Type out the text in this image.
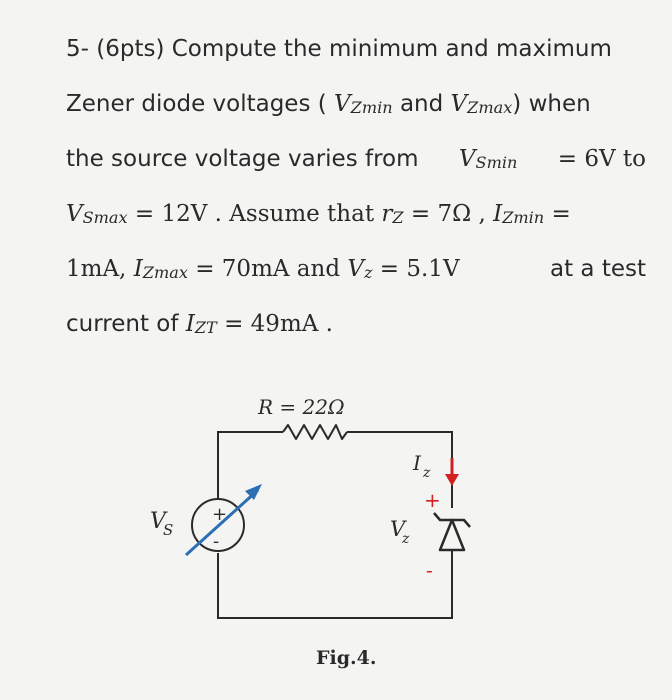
5- (6pts) Compute the minimum and maximum
Zener diode voltages ( $V_{Zmin}$ and $V_{Zmax}$) when
the source voltage varies from $V_{Smin} = 6V$ to
$V_{Smax} = 12V$ . Assume that $r_Z = 7\Omega$ , $I_{Zmin}$ =
1mA, $I_{Zmax} = 70mA$ and $V_z = 5.1V$	at a test
current of $I_{ZT} = 49mA$ .
R = 22Ω
+
-
V
S
+
-
I z
V
z
Fig.4.
